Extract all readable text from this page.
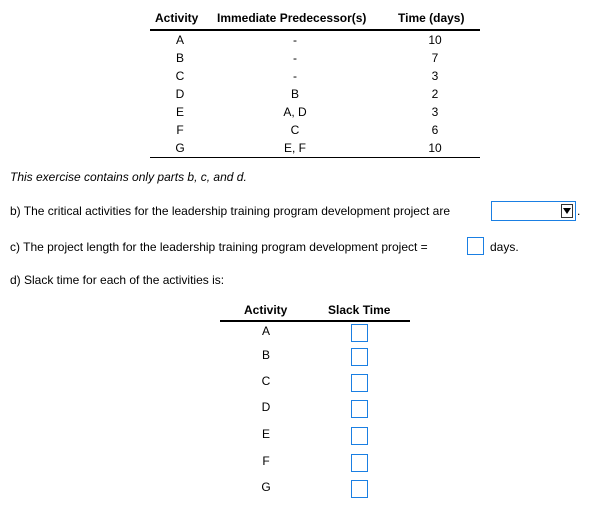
Activity Immediate Predecessor(s)	Time (days)
A	-	10
B	-	7
C	-	3
D	B	2
E	A, D	3
F	C	6
G	E, F	10
This exercise contains only parts b, c, and d.
b) The critical activities for the leadership training program development project are	.
c) The project length for the leadership training program development project =	days.
d) Slack time for each of the activities is:
Activity	Slack Time
A
B
C
D
E
F
G
